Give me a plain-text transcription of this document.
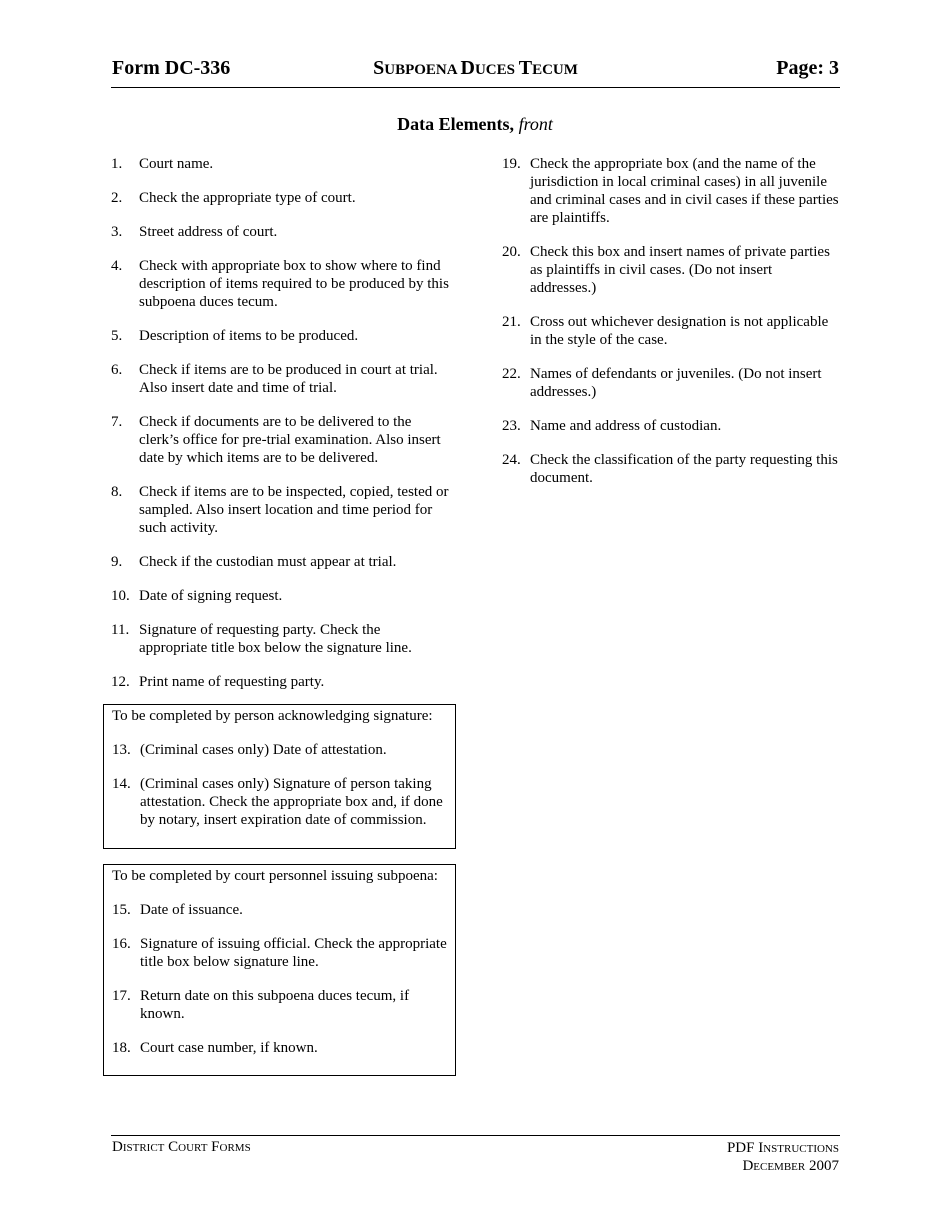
Form DC-336	SUBPOENA DUCES TECUM	Page: 3
Data Elements, front
1. Court name.
2. Check the appropriate type of court.
3. Street address of court.
4. Check with appropriate box to show where to find description of items required to be produced by this subpoena duces tecum.
5. Description of items to be produced.
6. Check if items are to be produced in court at trial. Also insert date and time of trial.
7. Check if documents are to be delivered to the clerk’s office for pre-trial examination. Also insert date by which items are to be delivered.
8. Check if items are to be inspected, copied, tested or sampled. Also insert location and time period for such activity.
9. Check if the custodian must appear at trial.
10. Date of signing request.
11. Signature of requesting party. Check the appropriate title box below the signature line.
12. Print name of requesting party.
To be completed by person acknowledging signature:
13. (Criminal cases only) Date of attestation.
14. (Criminal cases only) Signature of person taking attestation. Check the appropriate box and, if done by notary, insert expiration date of commission.
To be completed by court personnel issuing subpoena:
15. Date of issuance.
16. Signature of issuing official. Check the appropriate title box below signature line.
17. Return date on this subpoena duces tecum, if known.
18. Court case number, if known.
19. Check the appropriate box (and the name of the jurisdiction in local criminal cases) in all juvenile and criminal cases and in civil cases if these parties are plaintiffs.
20. Check this box and insert names of private parties as plaintiffs in civil cases. (Do not insert addresses.)
21. Cross out whichever designation is not applicable in the style of the case.
22. Names of defendants or juveniles. (Do not insert addresses.)
23. Name and address of custodian.
24. Check the classification of the party requesting this document.
District Court Forms	PDF Instructions
December 2007
